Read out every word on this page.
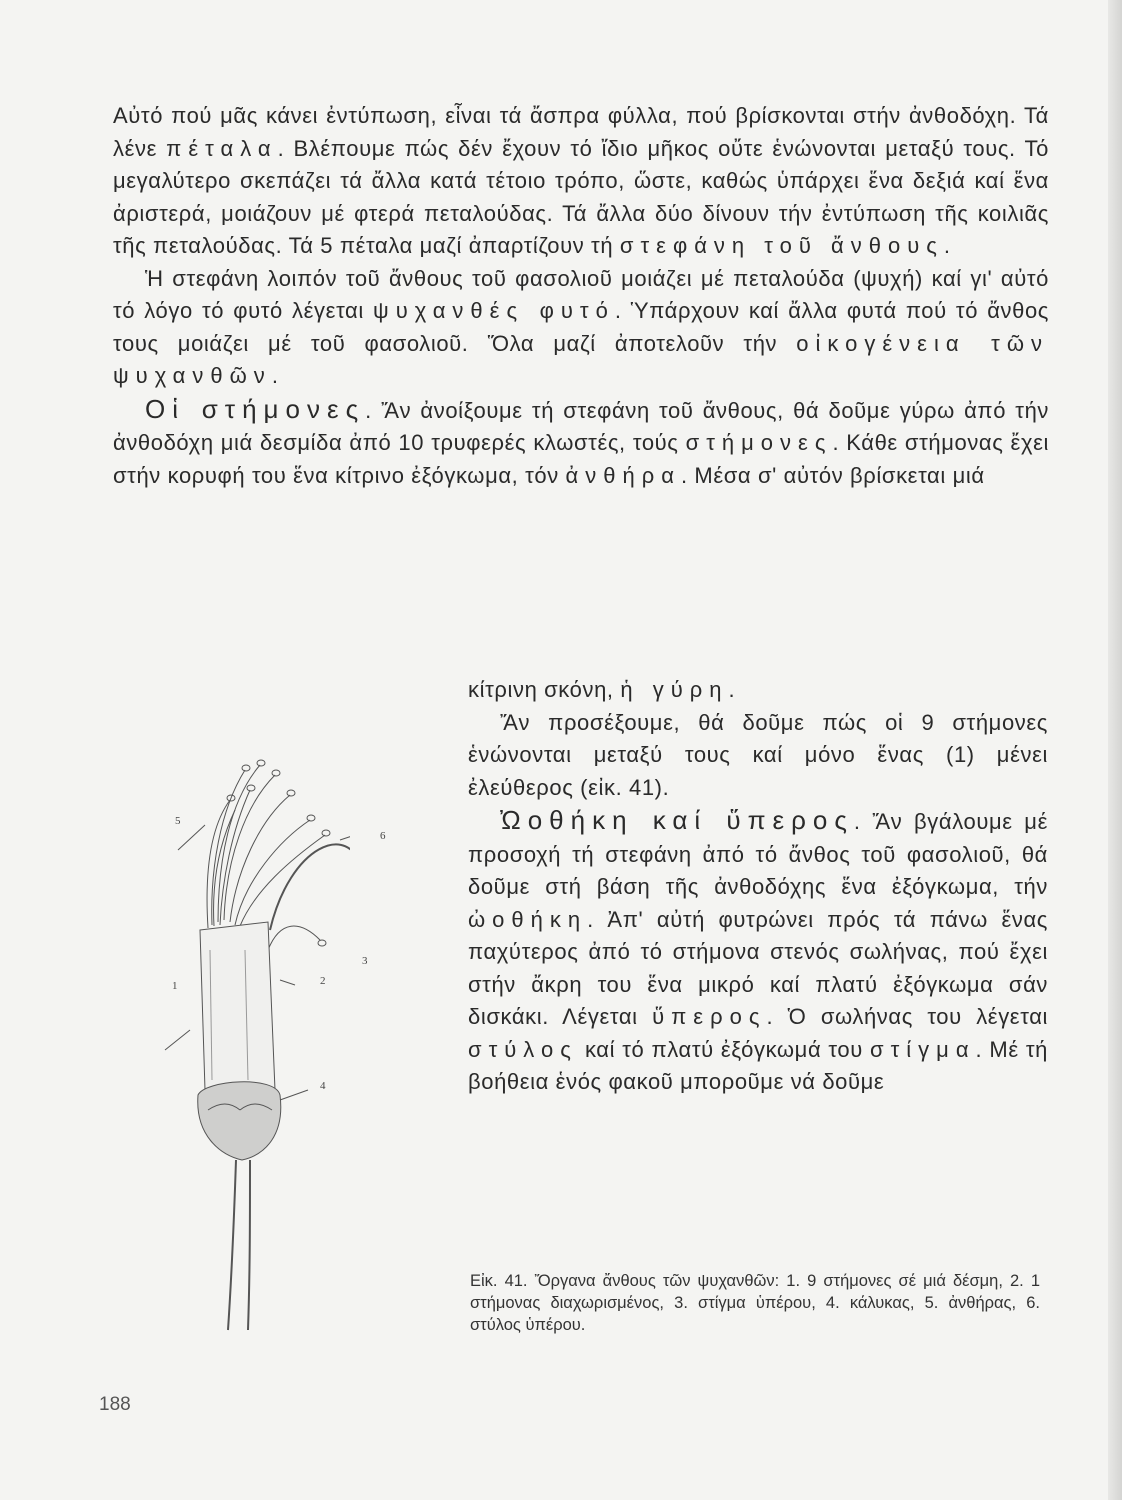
Αὐτό πού μᾶς κάνει ἐντύπωση, εἶναι τά ἄσπρα φύλλα, πού βρίσκονται στήν ἀνθοδόχη. Τά λένε πέταλα. Βλέπουμε πώς δέν ἔχουν τό ἴδιο μῆκος οὔτε ἑνώνονται μεταξύ τους. Τό μεγαλύτερο σκεπάζει τά ἄλλα κατά τέτοιο τρόπο, ὥστε, καθώς ὑπάρχει ἕνα δεξιά καί ἕνα ἀριστερά, μοιάζουν μέ φτερά πεταλούδας. Τά ἄλλα δύο δίνουν τήν ἐντύπωση τῆς κοιλιᾶς τῆς πεταλούδας. Τά 5 πέταλα μαζί ἀπαρτίζουν τή στεφάνη τοῦ ἄνθους.

Ἡ στεφάνη λοιπόν τοῦ ἄνθους τοῦ φασολιοῦ μοιάζει μέ πεταλούδα (ψυχή) καί γι' αὐτό τό λόγο τό φυτό λέγεται ψυχανθές φυτό. Ὑπάρχουν καί ἄλλα φυτά πού τό ἄνθος τους μοιάζει μέ τοῦ φασολιοῦ. Ὅλα μαζί ἀποτελοῦν τήν οἰκογένεια τῶν ψυχανθῶν.

Οἱ στήμονες. Ἄν ἀνοίξουμε τή στεφάνη τοῦ ἄνθους, θά δοῦμε γύρω ἀπό τήν ἀνθοδόχη μιά δεσμίδα ἀπό 10 τρυφερές κλωστές, τούς στήμονες. Κάθε στήμονας ἔχει στήν κορυφή του ἕνα κίτρινο ἐξόγκωμα, τόν ἀνθήρα. Μέσα σ' αὐτόν βρίσκεται μιά

κίτρινη σκόνη, ἡ γύρη.

Ἄν προσέξουμε, θά δοῦμε πώς οἱ 9 στήμονες ἑνώνονται μεταξύ τους καί μόνο ἕνας (1) μένει ἐλεύθερος (εἰκ. 41).

Ὠοθήκη καί ὕπερος. Ἄν βγάλουμε μέ προσοχή τή στεφάνη ἀπό τό ἄνθος τοῦ φασολιοῦ, θά δοῦμε στή βάση τῆς ἀνθοδόχης ἕνα ἐξόγκωμα, τήν ὠοθήκη. Ἀπ' αὐτή φυτρώνει πρός τά πάνω ἕνας παχύτερος ἀπό τό στήμονα στενός σωλήνας, πού ἔχει στήν ἄκρη του ἕνα μικρό καί πλατύ ἐξόγκωμα σάν δισκάκι. Λέγεται ὕπερος. Ὁ σωλήνας του λέγεται στύλος καί τό πλατύ ἐξόγκωμά του στίγμα. Μέ τή βοήθεια ἑνός φακοῦ μποροῦμε νά δοῦμε

1	2
3
4
5
6
Εἰκ. 41. Ὄργανα ἄνθους τῶν ψυχανθῶν: 1. 9 στήμονες σέ μιά δέσμη, 2. 1 στήμονας διαχωρισμένος, 3. στίγμα ὑπέρου, 4. κάλυκας, 5. ἀνθήρας, 6. στύλος ὑπέρου.
188
